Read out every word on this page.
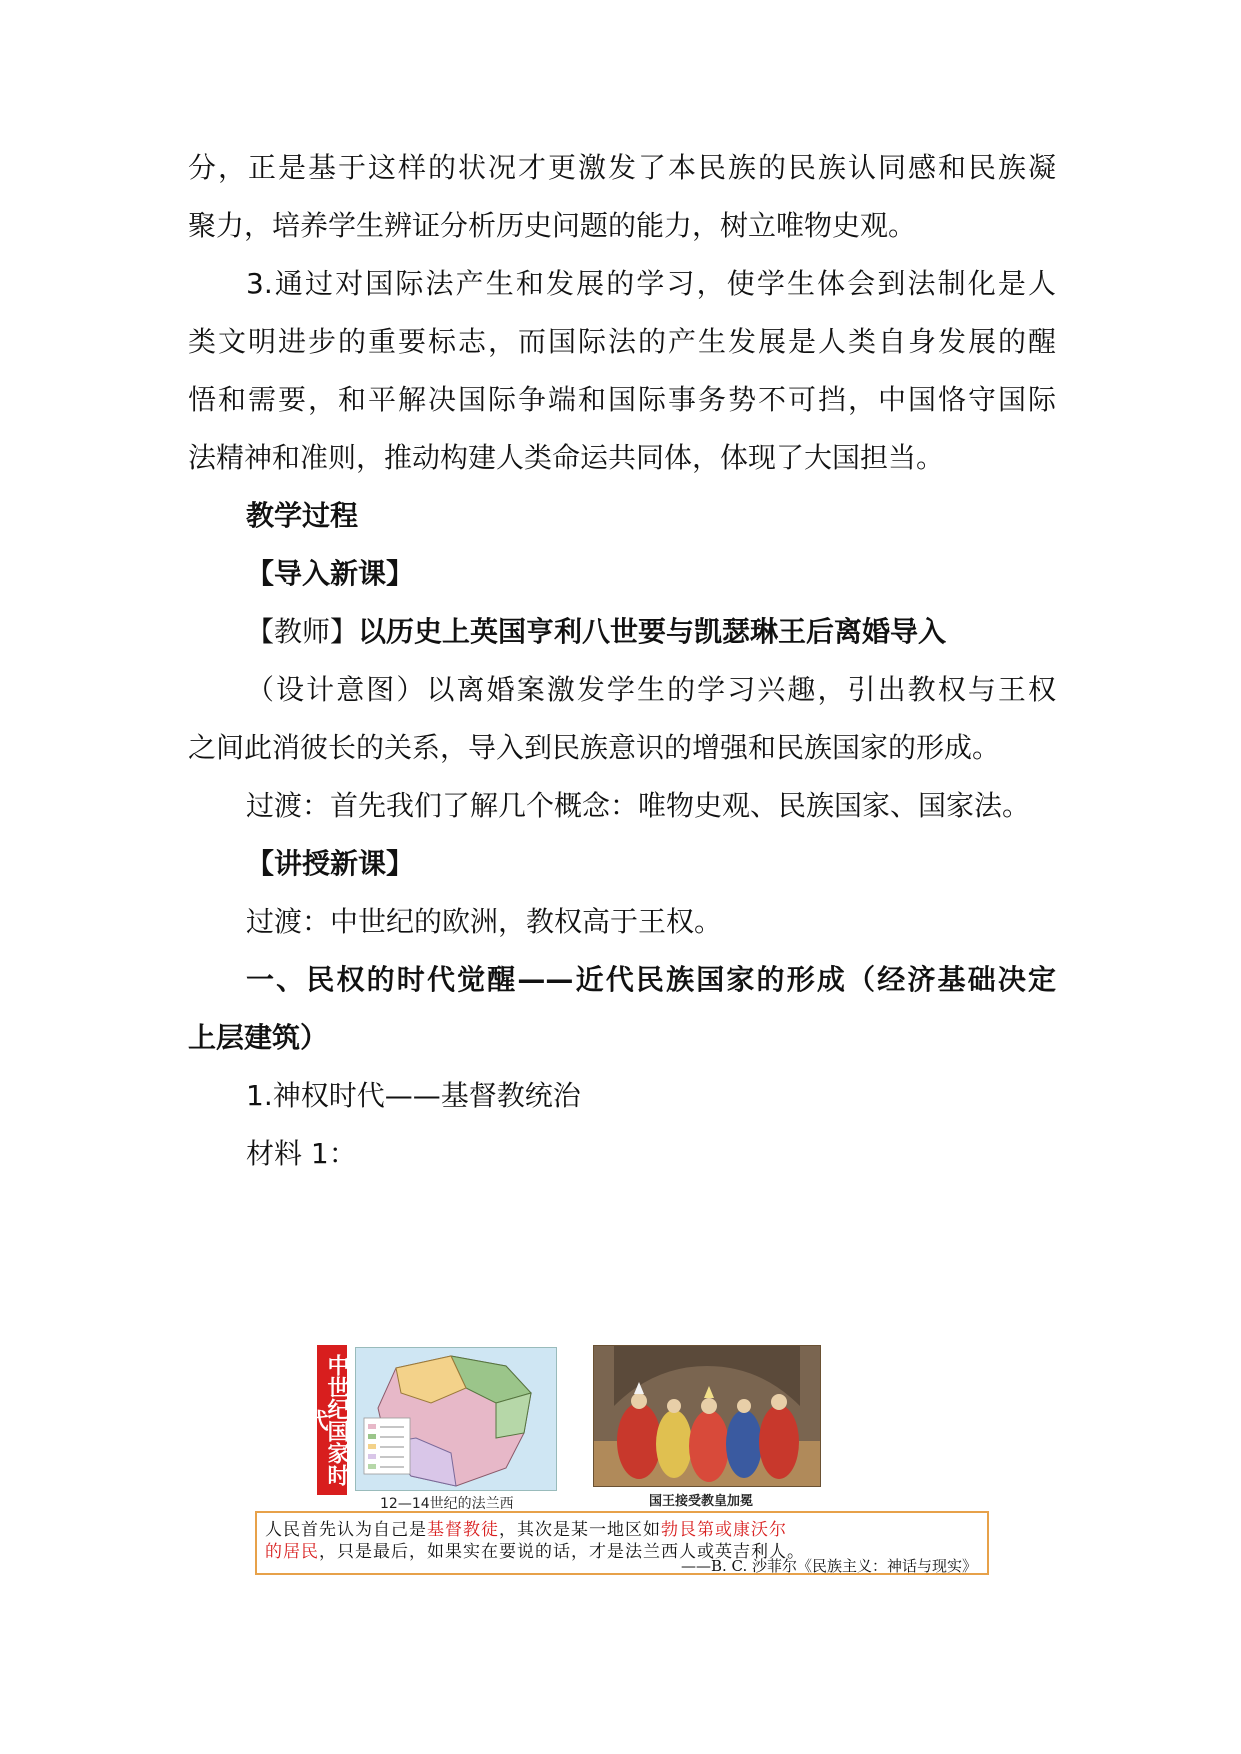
分，正是基于这样的状况才更激发了本民族的民族认同感和民族凝
聚力，培养学生辨证分析历史问题的能力，树立唯物史观。
3.通过对国际法产生和发展的学习，使学生体会到法制化是人
类文明进步的重要标志，而国际法的产生发展是人类自身发展的醒
悟和需要，和平解决国际争端和国际事务势不可挡，中国恪守国际
法精神和准则，推动构建人类命运共同体，体现了大国担当。
教学过程
【导入新课】
【教师】以历史上英国亨利八世要与凯瑟琳王后离婚导入
（设计意图）以离婚案激发学生的学习兴趣，引出教权与王权
之间此消彼长的关系，导入到民族意识的增强和民族国家的形成。
过渡：首先我们了解几个概念：唯物史观、民族国家、国家法。
【讲授新课】
过渡：中世纪的欧洲，教权高于王权。
一、民权的时代觉醒——近代民族国家的形成（经济基础决定
上层建筑）
1.神权时代——基督教统治
材料 1：
中世纪国家时代
12—14世纪的法兰西	国王接受教皇加冕
人民首先认为自己是基督教徒，其次是某一地区如勃艮第或康沃尔
的居民，只是最后，如果实在要说的话，才是法兰西人或英吉利人。
——B. C. 沙菲尔《民族主义：神话与现实》
